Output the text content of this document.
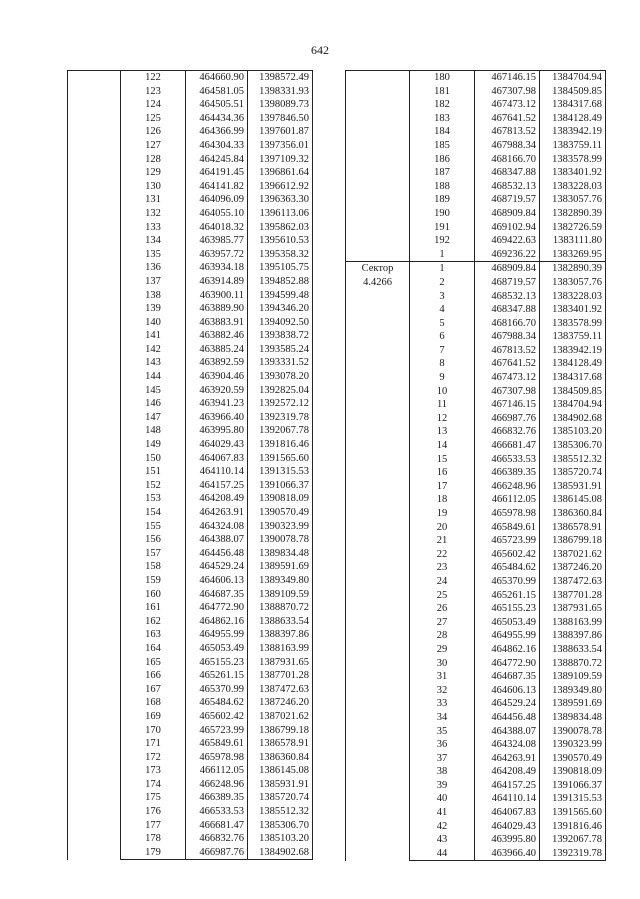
642
	122	464660.90	1398572.49
	123	464581.05	1398331.93
	124	464505.51	1398089.73
	125	464434.36	1397846.50
	126	464366.99	1397601.87
	127	464304.33	1397356.01
	128	464245.84	1397109.32
	129	464191.45	1396861.64
	130	464141.82	1396612.92
	131	464096.09	1396363.30
	132	464055.10	1396113.06
	133	464018.32	1395862.03
	134	463985.77	1395610.53
	135	463957.72	1395358.32
	136	463934.18	1395105.75
	137	463914.89	1394852.88
	138	463900.11	1394599.48
	139	463889.90	1394346.20
	140	463883.91	1394092.50
	141	463882.46	1393838.72
	142	463885.24	1393585.24
	143	463892.59	1393331.52
	144	463904.46	1393078.20
	145	463920.59	1392825.04
	146	463941.23	1392572.12
	147	463966.40	1392319.78
	148	463995.80	1392067.78
	149	464029.43	1391816.46
	150	464067.83	1391565.60
	151	464110.14	1391315.53
	152	464157.25	1391066.37
	153	464208.49	1390818.09
	154	464263.91	1390570.49
	155	464324.08	1390323.99
	156	464388.07	1390078.78
	157	464456.48	1389834.48
	158	464529.24	1389591.69
	159	464606.13	1389349.80
	160	464687.35	1389109.59
	161	464772.90	1388870.72
	162	464862.16	1388633.54
	163	464955.99	1388397.86
	164	465053.49	1388163.99
	165	465155.23	1387931.65
	166	465261.15	1387701.28
	167	465370.99	1387472.63
	168	465484.62	1387246.20
	169	465602.42	1387021.62
	170	465723.99	1386799.18
	171	465849.61	1386578.91
	172	465978.98	1386360.84
	173	466112.05	1386145.08
	174	466248.96	1385931.91
	175	466389.35	1385720.74
	176	466533.53	1385512.32
	177	466681.47	1385306.70
	178	466832.76	1385103.20
	179	466987.76	1384902.68
	180	467146.15	1384704.94
	181	467307.98	1384509.85
	182	467473.12	1384317.68
	183	467641.52	1384128.49
	184	467813.52	1383942.19
	185	467988.34	1383759.11
	186	468166.70	1383578.99
	187	468347.88	1383401.92
	188	468532.13	1383228.03
	189	468719.57	1383057.76
	190	468909.84	1382890.39
	191	469102.94	1382726.59
	192	469422.63	1383111.80
	1	469236.22	1383269.95

Сектор
4.4266	1	468909.84	1382890.39
	2	468719.57	1383057.76
	3	468532.13	1383228.03
	4	468347.88	1383401.92
	5	468166.70	1383578.99
	6	467988.34	1383759.11
	7	467813.52	1383942.19
	8	467641.52	1384128.49
	9	467473.12	1384317.68
	10	467307.98	1384509.85
	11	467146.15	1384704.94
	12	466987.76	1384902.68
	13	466832.76	1385103.20
	14	466681.47	1385306.70
	15	466533.53	1385512.32
	16	466389.35	1385720.74
	17	466248.96	1385931.91
	18	466112.05	1386145.08
	19	465978.98	1386360.84
	20	465849.61	1386578.91
	21	465723.99	1386799.18
	22	465602.42	1387021.62
	23	465484.62	1387246.20
	24	465370.99	1387472.63
	25	465261.15	1387701.28
	26	465155.23	1387931.65
	27	465053.49	1388163.99
	28	464955.99	1388397.86
	29	464862.16	1388633.54
	30	464772.90	1388870.72
	31	464687.35	1389109.59
	32	464606.13	1389349.80
	33	464529.24	1389591.69
	34	464456.48	1389834.48
	35	464388.07	1390078.78
	36	464324.08	1390323.99
	37	464263.91	1390570.49
	38	464208.49	1390818.09
	39	464157.25	1391066.37
	40	464110.14	1391315.53
	41	464067.83	1391565.60
	42	464029.43	1391816.46
	43	463995.80	1392067.78
	44	463966.40	1392319.78
